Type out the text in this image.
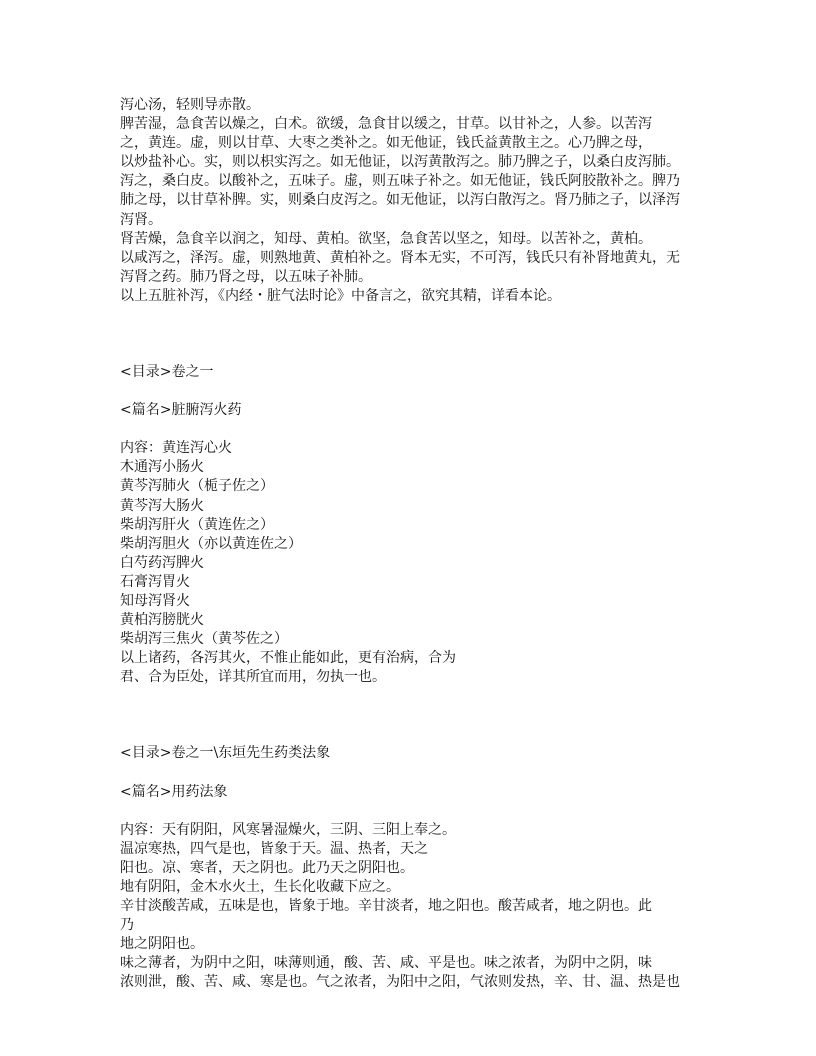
泻心汤，轻则导赤散。
脾苦湿，急食苦以燥之，白术。欲缓，急食甘以缓之，甘草。以甘补之，人参。以苦泻
之，黄连。虚，则以甘草、大枣之类补之。如无他证，钱氏益黄散主之。心乃脾之母，
以炒盐补心。实，则以枳实泻之。如无他证，以泻黄散泻之。肺乃脾之子，以桑白皮泻肺。
泻之，桑白皮。以酸补之，五味子。虚，则五味子补之。如无他证，钱氏阿胶散补之。脾乃
肺之母，以甘草补脾。实，则桑白皮泻之。如无他证，以泻白散泻之。肾乃肺之子，以泽泻
泻肾。
肾苦燥，急食辛以润之，知母、黄柏。欲坚，急食苦以坚之，知母。以苦补之，黄柏。
以咸泻之，泽泻。虚，则熟地黄、黄柏补之。肾本无实，不可泻，钱氏只有补肾地黄丸，无
泻肾之药。肺乃肾之母，以五味子补肺。
以上五脏补泻，《内经・脏气法时论》中备言之，欲究其精，详看本论。
<目录>卷之一
<篇名>脏腑泻火药
内容：黄连泻心火
木通泻小肠火
黄芩泻肺火（栀子佐之）
黄芩泻大肠火
柴胡泻肝火（黄连佐之）
柴胡泻胆火（亦以黄连佐之）
白芍药泻脾火
石膏泻胃火
知母泻肾火
黄柏泻膀胱火
柴胡泻三焦火（黄芩佐之）
以上诸药，各泻其火，不惟止能如此，更有治病，合为
君、合为臣处，详其所宜而用，勿执一也。
<目录>卷之一\东垣先生药类法象
<篇名>用药法象
内容：天有阴阳，风寒暑湿燥火，三阴、三阳上奉之。
温凉寒热，四气是也，皆象于天。温、热者，天之
阳也。凉、寒者，天之阴也。此乃天之阴阳也。
地有阴阳，金木水火土，生长化收藏下应之。
辛甘淡酸苦咸，五味是也，皆象于地。辛甘淡者，地之阳也。酸苦咸者，地之阴也。此
乃
地之阴阳也。
味之薄者，为阴中之阳，味薄则通，酸、苦、咸、平是也。味之浓者，为阴中之阴，味
浓则泄，酸、苦、咸、寒是也。气之浓者，为阳中之阳，气浓则发热，辛、甘、温、热是也
